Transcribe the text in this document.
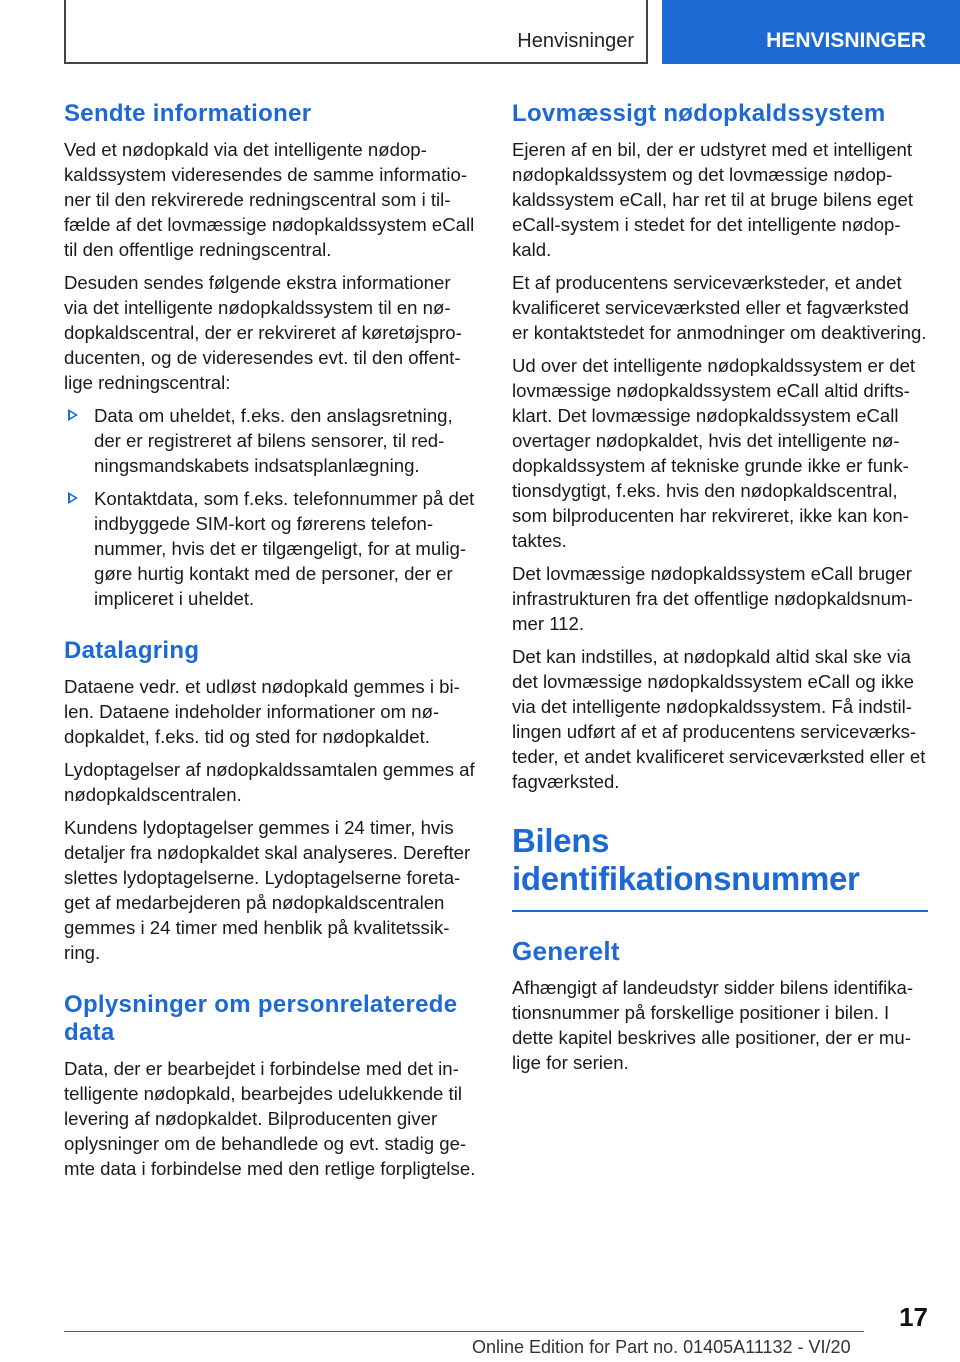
Henvisninger	HENVISNINGER
Sendte informationer

Ved et nødopkald via det intelligente nødopkaldssystem videresendes de samme informationer til den rekvirerede redningscentral som i tilfælde af det lovmæssige nødopkaldssystem eCall til den offentlige redningscentral.

Desuden sendes følgende ekstra informationer via det intelligente nødopkaldssystem til en nødopkaldscentral, der er rekvireret af køretøjsproducenten, og de videresendes evt. til den offentlige redningscentral:

Data om uheldet, f.eks. den anslagsretning, der er registreret af bilens sensorer, til redningsmandskabets indsatsplanlægning.

Kontaktdata, som f.eks. telefonnummer på det indbyggede SIM-kort og førerens telefonnummer, hvis det er tilgængeligt, for at muliggøre hurtig kontakt med de personer, der er impliceret i uheldet.

Datalagring

Dataene vedr. et udløst nødopkald gemmes i bilen. Dataene indeholder informationer om nødopkaldet, f.eks. tid og sted for nødopkaldet.

Lydoptagelser af nødopkaldssamtalen gemmes af nødopkaldscentralen.

Kundens lydoptagelser gemmes i 24 timer, hvis detaljer fra nødopkaldet skal analyseres. Derefter slettes lydoptagelserne. Lydoptagelserne foretaget af medarbejderen på nødopkaldscentralen gemmes i 24 timer med henblik på kvalitetssikring.

Oplysninger om personrelaterede data

Data, der er bearbejdet i forbindelse med det intelligente nødopkald, bearbejdes udelukkende til levering af nødopkaldet. Bilproducenten giver oplysninger om de behandlede og evt. stadig gemte data i forbindelse med den retlige forpligtelse.

Lovmæssigt nødopkaldssystem

Ejeren af en bil, der er udstyret med et intelligent nødopkaldssystem og det lovmæssige nødopkaldssystem eCall, har ret til at bruge bilens eget eCall-system i stedet for det intelligente nødopkald.

Et af producentens serviceværksteder, et andet kvalificeret serviceværksted eller et fagværksted er kontaktstedet for anmodninger om deaktivering.

Ud over det intelligente nødopkaldssystem er det lovmæssige nødopkaldssystem eCall altid driftsklart. Det lovmæssige nødopkaldssystem eCall overtager nødopkaldet, hvis det intelligente nødopkaldssystem af tekniske grunde ikke er funktionsdygtigt, f.eks. hvis den nødopkaldscentral, som bilproducenten har rekvireret, ikke kan kontaktes.

Det lovmæssige nødopkaldssystem eCall bruger infrastrukturen fra det offentlige nødopkaldsnummer 112.

Det kan indstilles, at nødopkald altid skal ske via det lovmæssige nødopkaldssystem eCall og ikke via det intelligente nødopkaldssystem. Få indstillingen udført af et af producentens serviceværksteder, et andet kvalificeret serviceværksted eller et fagværksted.

Bilens
identifikationsnummer
Generelt

Afhængigt af landeudstyr sidder bilens identifikationsnummer på forskellige positioner i bilen. I dette kapitel beskrives alle positioner, der er mulige for serien.

17
Online Edition for Part no. 01405A11132 - VI/20
